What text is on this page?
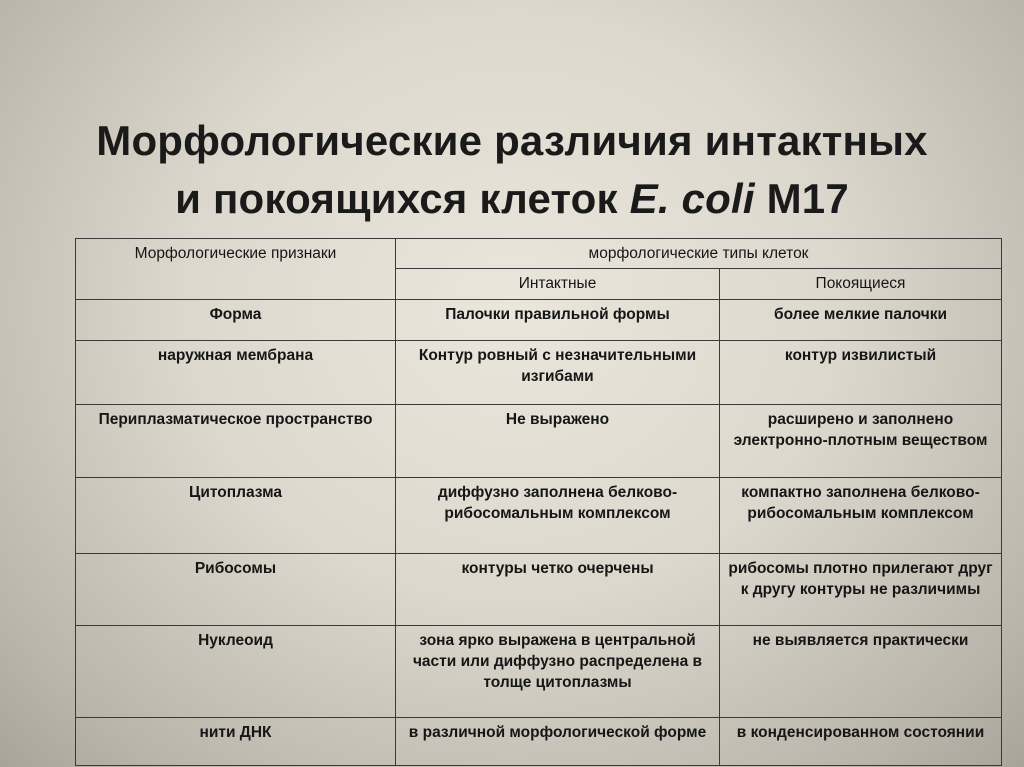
Морфологические различия интактных
и покоящихся клеток E. coli М17
Морфологические признаки	морфологические типы клеток	
	Интактные	Покоящиеся
Форма	Палочки правильной формы	более мелкие палочки
наружная мембрана	Контур ровный с незначительными изгибами	контур извилистый
Периплазматическое пространство	Не выражено	расширено и заполнено электронно-плотным веществом
Цитоплазма	диффузно заполнена белково-рибосомальным комплексом	компактно заполнена белково-рибосомальным комплексом
Рибосомы	контуры четко очерчены	рибосомы плотно прилегают друг к другу контуры не различимы
Нуклеоид	зона ярко выражена в центральной части или диффузно распределена в толще цитоплазмы	не выявляется практически
нити ДНК	в различной морфологической форме	в конденсированном состоянии
